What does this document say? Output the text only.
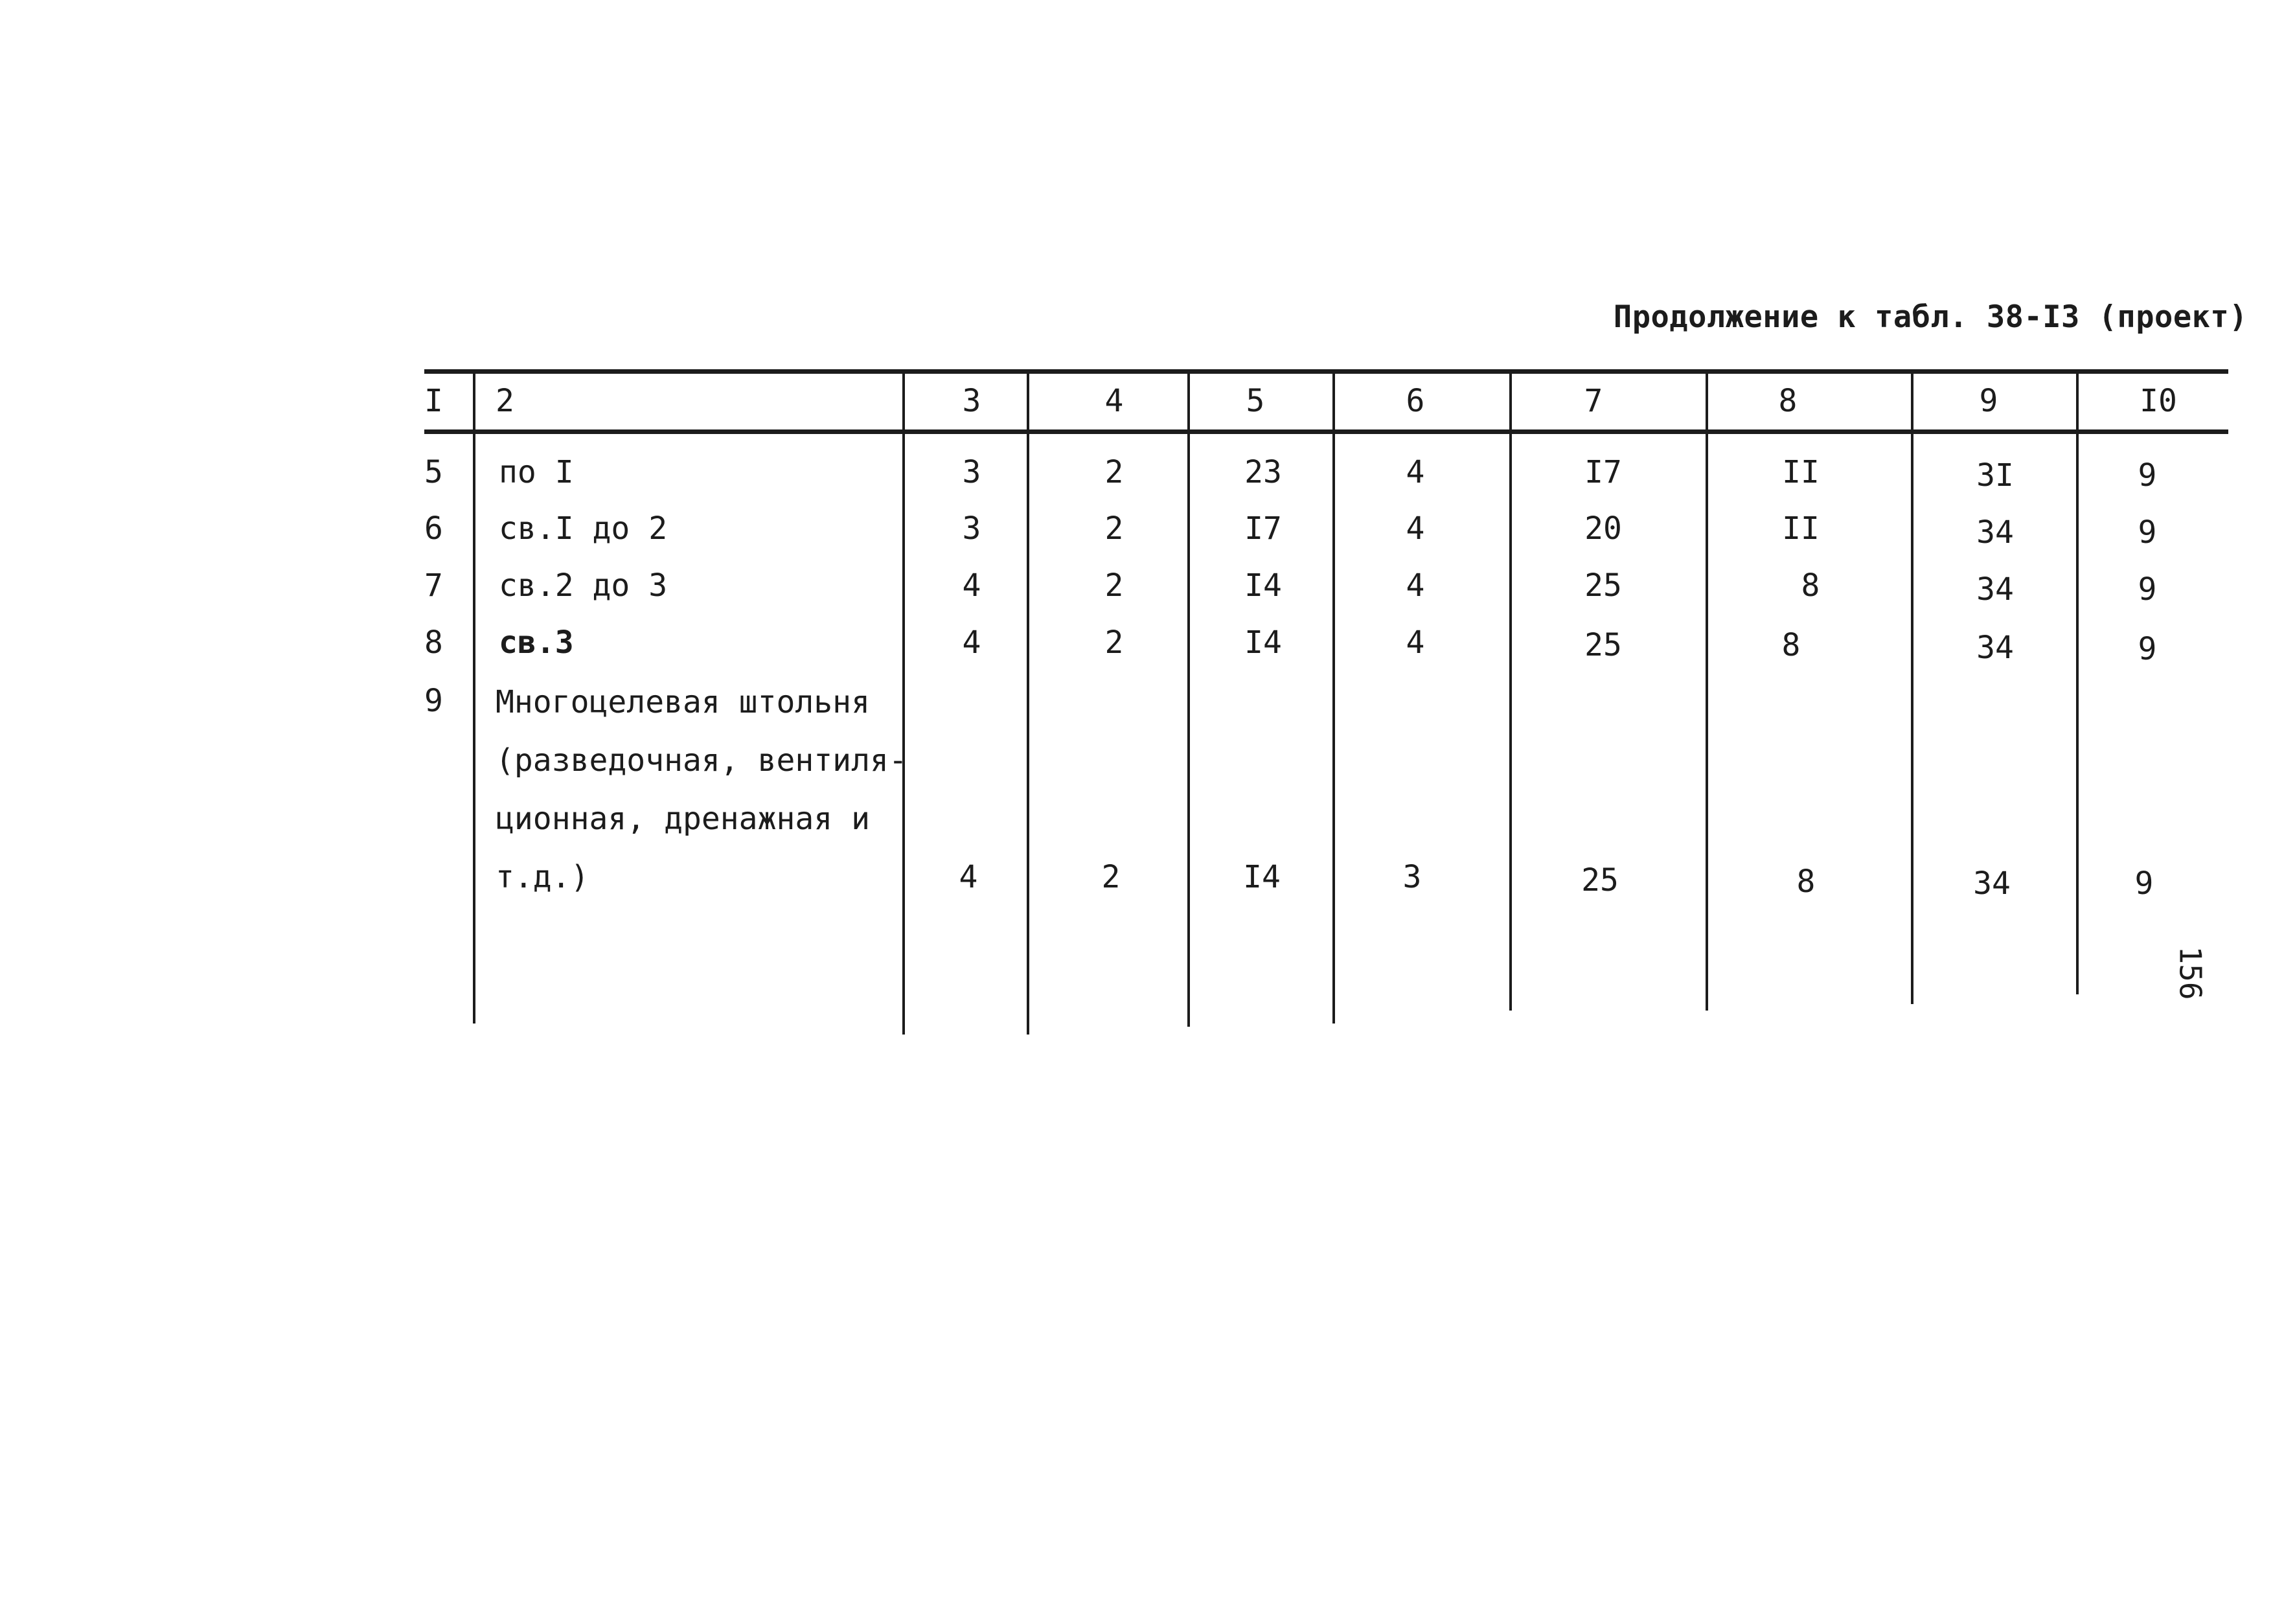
Продолжение к табл. 38-I3 (проект)
156
I 2	3	4	5	6	7	8	9	I0
5 по I	3	2	23	4	I7	II	3I	9
6 св.I до 2	3	2	I7	4	20	II	34	9
7 св.2 до 3	4	2	I4	4	25	8	34	9
8 св.3	4	2	I4	4	25	8	34	9
9 Многоцелевая штольня
(разведочная, вентиля-
ционная, дренажная и
т.д.)	4	2	I4	3	25	8	34	9
